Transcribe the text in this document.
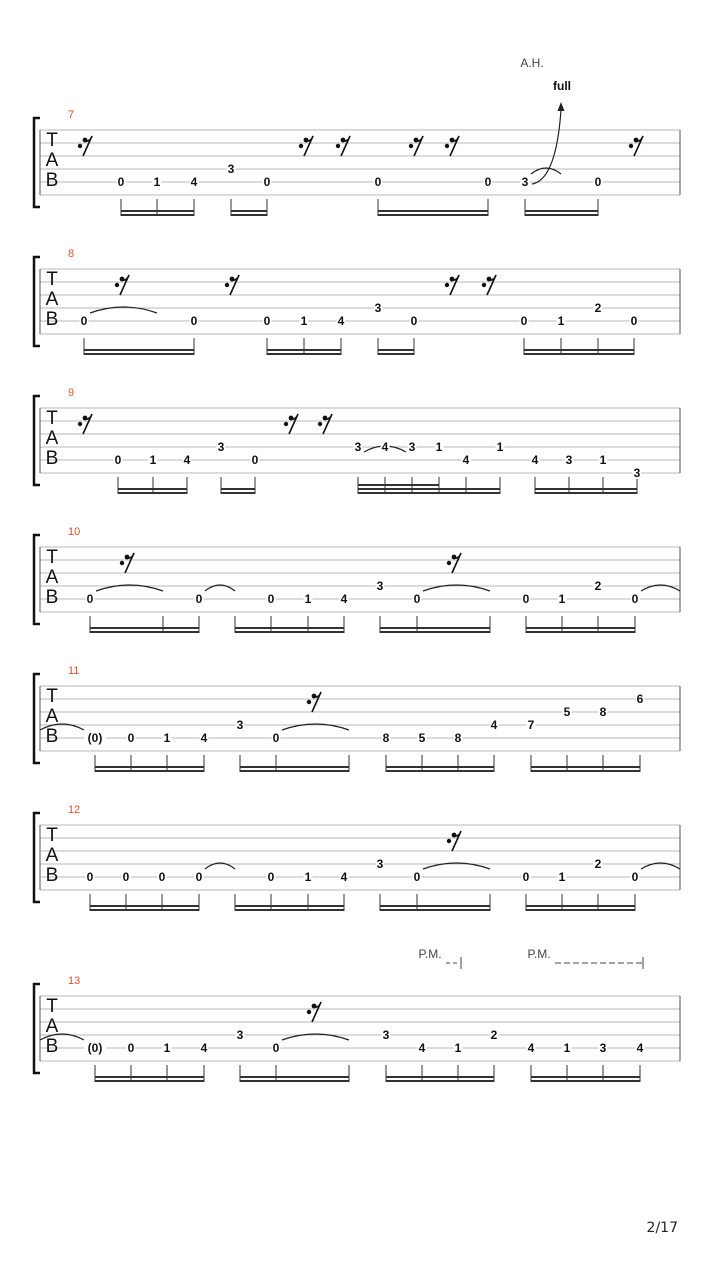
7
T
A
B	0 1	4
3
0	0	0	3	0
8
T
A
B 0	0	0	1	4
3
0	0	1
2
0
9
T
A
B	0 1 4
3
0
3 4 3 1
4
1
4 3 1
3
10
T
A
B 0	0	0	1 4
3
0	0 1
2
0
11
T
A
B (0) 0 1	4
3
0	8 5 8
4	7
5 8
6
12
T
A
B 0 0 0	0	0	1 4
3
0	0 1
2
0
13
T
A
B (0) 0 1	4
3
0
3
4 1
2
4 1 3	4
A.H.
full
P.M.	P.M.
2/17
